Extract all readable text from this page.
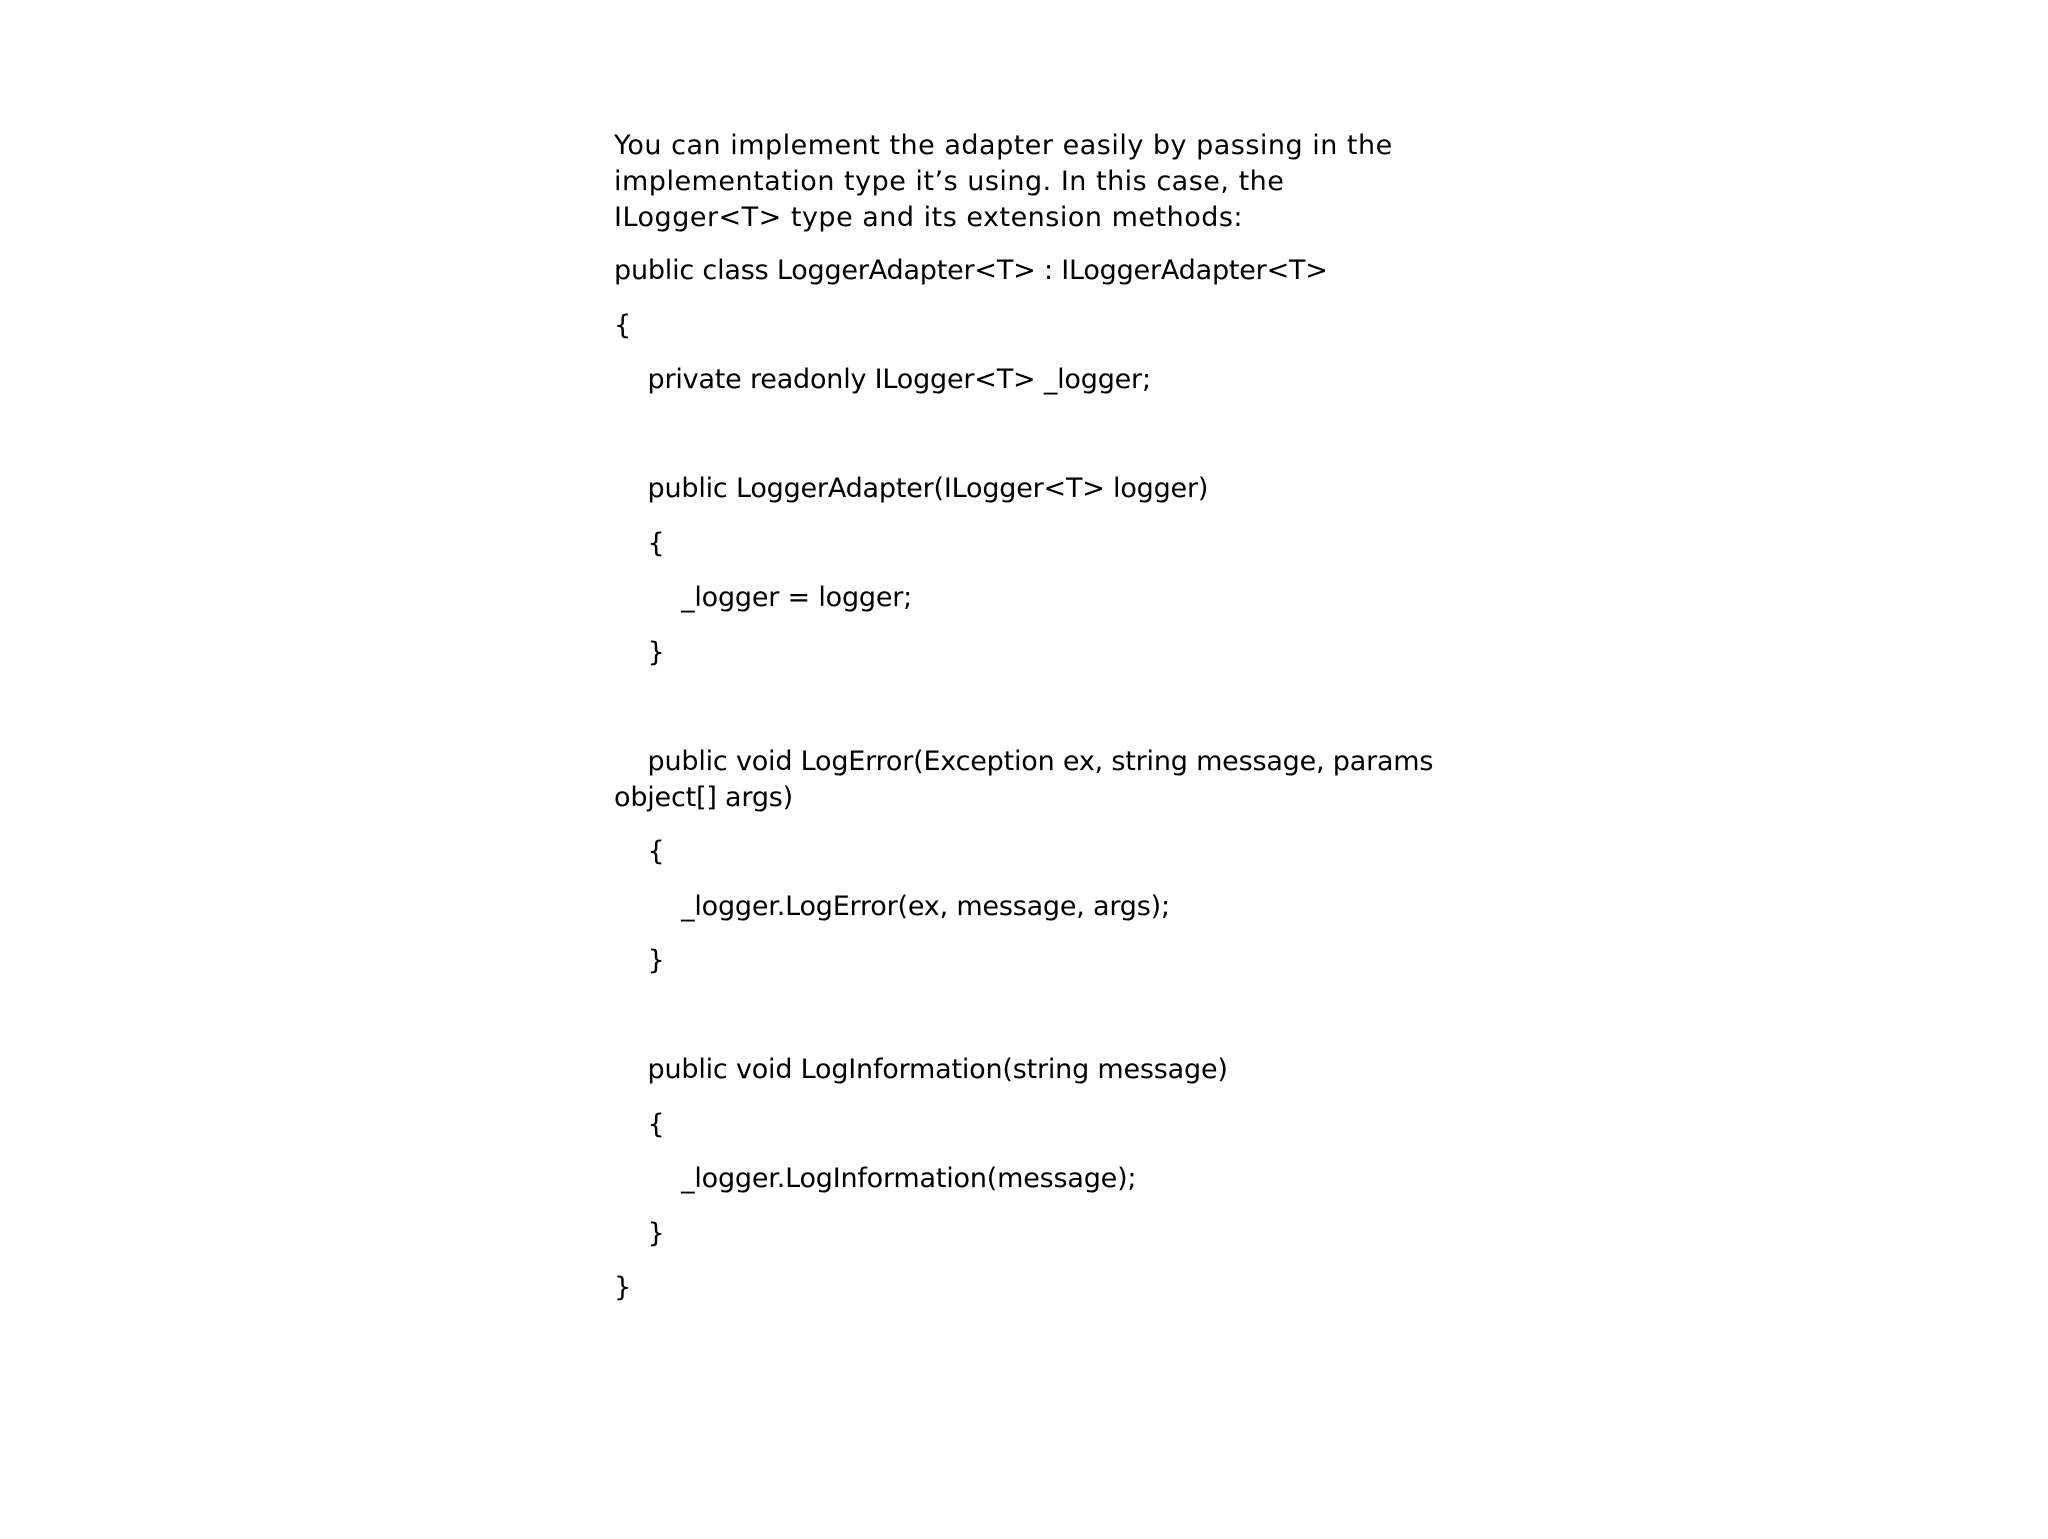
You can implement the adapter easily by passing in the implementation type it’s using. In this case, the ILogger<T> type and its extension methods:

public class LoggerAdapter<T> : ILoggerAdapter<T>
{
private readonly ILogger<T> _logger;
public LoggerAdapter(ILogger<T> logger)
{
_logger = logger;
}
public void LogError(Exception ex, string message, params object[] args)
{
_logger.LogError(ex, message, args);
}
public void LogInformation(string message)
{
_logger.LogInformation(message);
}
}
